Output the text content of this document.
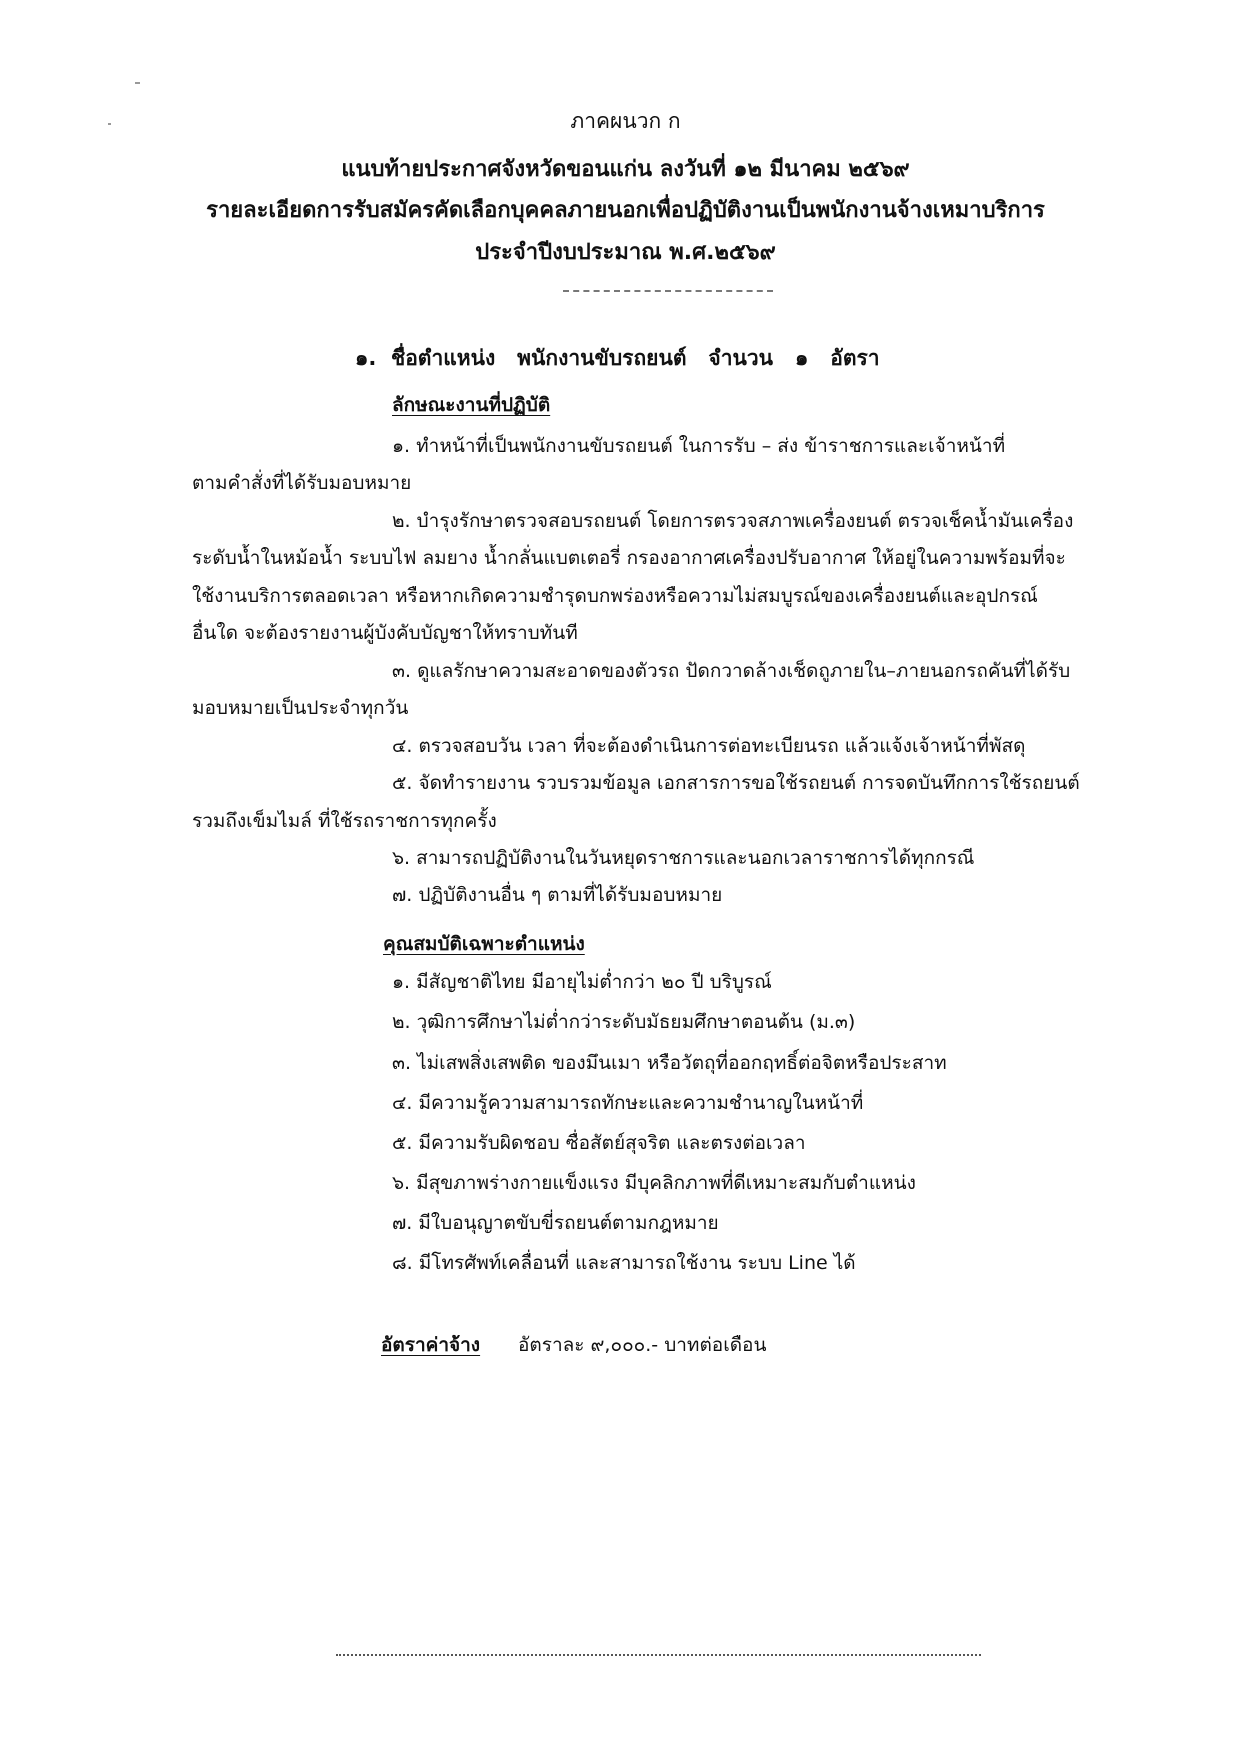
ภาคผนวก ก
แนบท้ายประกาศจังหวัดขอนแก่น ลงวันที่ ๑๒ มีนาคม ๒๕๖๙
รายละเอียดการรับสมัครคัดเลือกบุคคลภายนอกเพื่อปฏิบัติงานเป็นพนักงานจ้างเหมาบริการ
ประจำปีงบประมาณ พ.ศ.๒๕๖๙
๑. ชื่อตำแหน่ง พนักงานขับรถยนต์ จำนวน ๑ อัตรา
ลักษณะงานที่ปฏิบัติ
๑. ทำหน้าที่เป็นพนักงานขับรถยนต์ ในการรับ – ส่ง ข้าราชการและเจ้าหน้าที่
ตามคำสั่งที่ได้รับมอบหมาย
๒. บำรุงรักษาตรวจสอบรถยนต์ โดยการตรวจสภาพเครื่องยนต์ ตรวจเช็คน้ำมันเครื่อง
ระดับน้ำในหม้อน้ำ ระบบไฟ ลมยาง น้ำกลั่นแบตเตอรี่ กรองอากาศเครื่องปรับอากาศ ให้อยู่ในความพร้อมที่จะ
ใช้งานบริการตลอดเวลา หรือหากเกิดความชำรุดบกพร่องหรือความไม่สมบูรณ์ของเครื่องยนต์และอุปกรณ์
อื่นใด จะต้องรายงานผู้บังคับบัญชาให้ทราบทันที
๓. ดูแลรักษาความสะอาดของตัวรถ ปัดกวาดล้างเช็ดถูภายใน–ภายนอกรถคันที่ได้รับ
มอบหมายเป็นประจำทุกวัน
๔. ตรวจสอบวัน เวลา ที่จะต้องดำเนินการต่อทะเบียนรถ แล้วแจ้งเจ้าหน้าที่พัสดุ
๕. จัดทำรายงาน รวบรวมข้อมูล เอกสารการขอใช้รถยนต์ การจดบันทึกการใช้รถยนต์
รวมถึงเข็มไมล์ ที่ใช้รถราชการทุกครั้ง
๖. สามารถปฏิบัติงานในวันหยุดราชการและนอกเวลาราชการได้ทุกกรณี
๗. ปฏิบัติงานอื่น ๆ ตามที่ได้รับมอบหมาย
คุณสมบัติเฉพาะตำแหน่ง
๑. มีสัญชาติไทย มีอายุไม่ต่ำกว่า ๒๐ ปี บริบูรณ์
๒. วุฒิการศึกษาไม่ต่ำกว่าระดับมัธยมศึกษาตอนต้น (ม.๓)
๓. ไม่เสพสิ่งเสพติด ของมึนเมา หรือวัตถุที่ออกฤทธิ์ต่อจิตหรือประสาท
๔. มีความรู้ความสามารถทักษะและความชำนาญในหน้าที่
๕. มีความรับผิดชอบ ซื่อสัตย์สุจริต และตรงต่อเวลา
๖. มีสุขภาพร่างกายแข็งแรง มีบุคลิกภาพที่ดีเหมาะสมกับตำแหน่ง
๗. มีใบอนุญาตขับขี่รถยนต์ตามกฎหมาย
๘. มีโทรศัพท์เคลื่อนที่ และสามารถใช้งาน ระบบ Line ได้
อัตราค่าจ้าง อัตราละ ๙,๐๐๐.- บาทต่อเดือน
